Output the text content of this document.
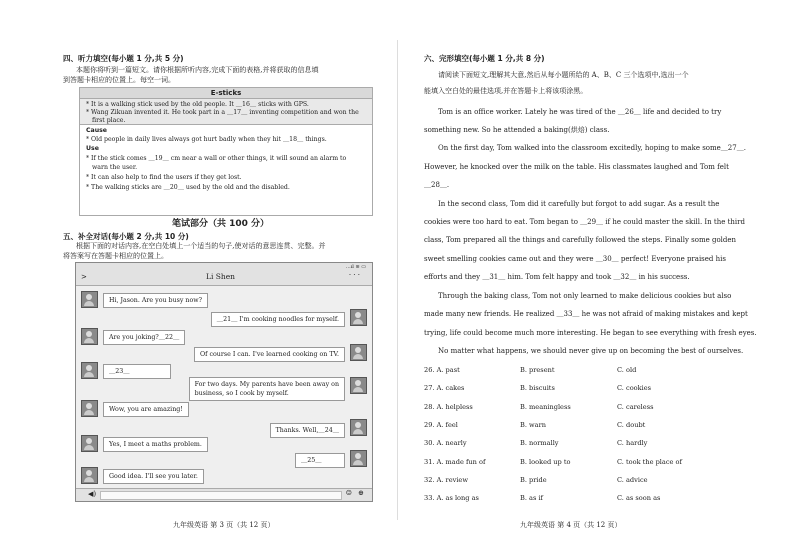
四、听力填空(每小题 1 分,共 5 分)
本题你将听到一篇短文。请你根据所听内容,完成下面的表格,并将获取的信息填
到答题卡相应的位置上。每空一词。
E-sticks
* It is a walking stick used by the old people. It ＿16＿ sticks with GPS.
* Wang Zikuan invented it. He took part in a ＿17＿ inventing competition and won the
first place.
Cause
* Old people in daily lives always got hurt badly when they hit ＿18＿ things.
Use
* If the stick comes ＿19＿ cm near a wall or other things, it will sound an alarm to
warn the user.
* It can also help to find the users if they get lost.
* The walking sticks are ＿20＿ used by the old and the disabled.
笔试部分（共 100 分）
五、补全对话(每小题 2 分,共 10 分)
根据下面的对话内容,在空白处填上一个适当的句子,使对话的意思连贯、完整。并
将答案写在答题卡相应的位置上。
…ıl ≋ ▭
>	Li Shen	· · ·
Hi, Jason. Are you busy now?
＿21＿ I'm cooking noodles for myself.
Are you joking?＿22＿
Of course I can. I've learned cooking on TV.
＿23＿
For two days. My parents have been away on
business, so I cook by myself.
Wow, you are amazing!
Thanks. Well,＿24＿
Yes, I meet a maths problem.
＿25＿
Good idea. I'll see you later.
◀)	☺ ⊕
九年级英语 第 3 页（共 12 页）
六、完形填空(每小题 1 分,共 8 分)
请阅读下面短文,理解其大意,然后从每小题所给的 A、B、C 三个选项中,选出一个
能填入空白处的最佳选项,并在答题卡上将该项涂黑。
Tom is an office worker. Lately he was tired of the ＿26＿ life and decided to try
something new. So he attended a baking(烘焙) class.
On the first day, Tom walked into the classroom excitedly, hoping to make some＿27＿.
However, he knocked over the milk on the table. His classmates laughed and Tom felt
＿28＿.
In the second class, Tom did it carefully but forgot to add sugar. As a result the
cookies were too hard to eat. Tom began to ＿29＿ if he could master the skill. In the third
class, Tom prepared all the things and carefully followed the steps. Finally some golden
sweet smelling cookies came out and they were ＿30＿ perfect! Everyone praised his
efforts and they ＿31＿ him. Tom felt happy and took ＿32＿ in his success.
Through the baking class, Tom not only learned to make delicious cookies but also
made many new friends. He realized ＿33＿ he was not afraid of making mistakes and kept
trying, life could become much more interesting. He began to see everything with fresh eyes.
No matter what happens, we should never give up on becoming the best of ourselves.
26. A. past	B. present	C. old
27. A. cakes	B. biscuits	C. cookies
28. A. helpless	B. meaningless	C. careless
29. A. feel	B. warn	C. doubt
30. A. nearly	B. normally	C. hardly
31. A. made fun of	B. looked up to	C. took the place of
32. A. review	B. pride	C. advice
33. A. as long as	B. as if	C. as soon as
九年级英语 第 4 页（共 12 页）
